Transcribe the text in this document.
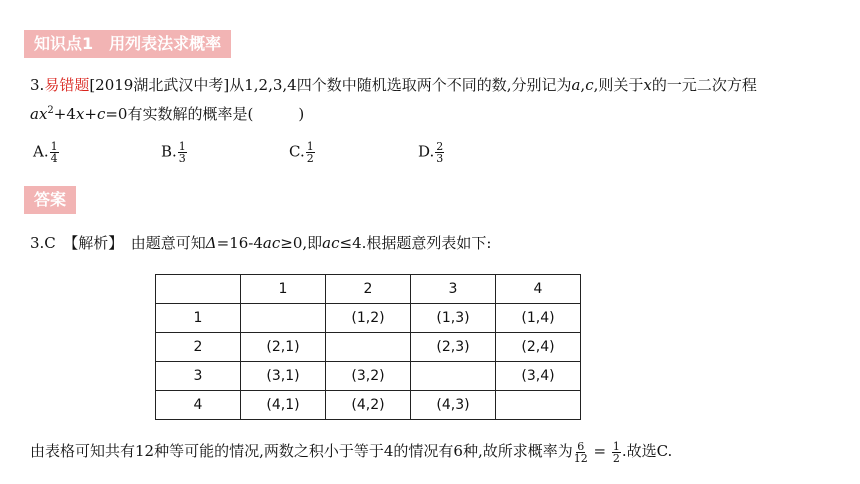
知识点1　用列表法求概率
3.易错题[2019湖北武汉中考]从1,2,3,4四个数中随机选取两个不同的数,分别记为a,c,则关于x的一元二次方程
$ax^2+4x+c=0$有实数解的概率是(　　　)
A. $\frac{1}{4}$	B. $\frac{1}{3}$	C. $\frac{1}{2}$	D. $\frac{2}{3}$
答案
3.C　【解析】　由题意可知Δ=16-4ac≥0,即ac≤4.根据题意列表如下:
	1	2	3	4
1		(1,2)	(1,3)	(1,4)
2	(2,1)		(2,3)	(2,4)
3	(3,1)	(3,2)		(3,4)
4	(4,1)	(4,2)	(4,3)	
由表格可知共有12种等可能的情况,两数之积小于等于4的情况有6种,故所求概率为 $\frac{6}{12} = \frac{1}{2}$ .故选C.
